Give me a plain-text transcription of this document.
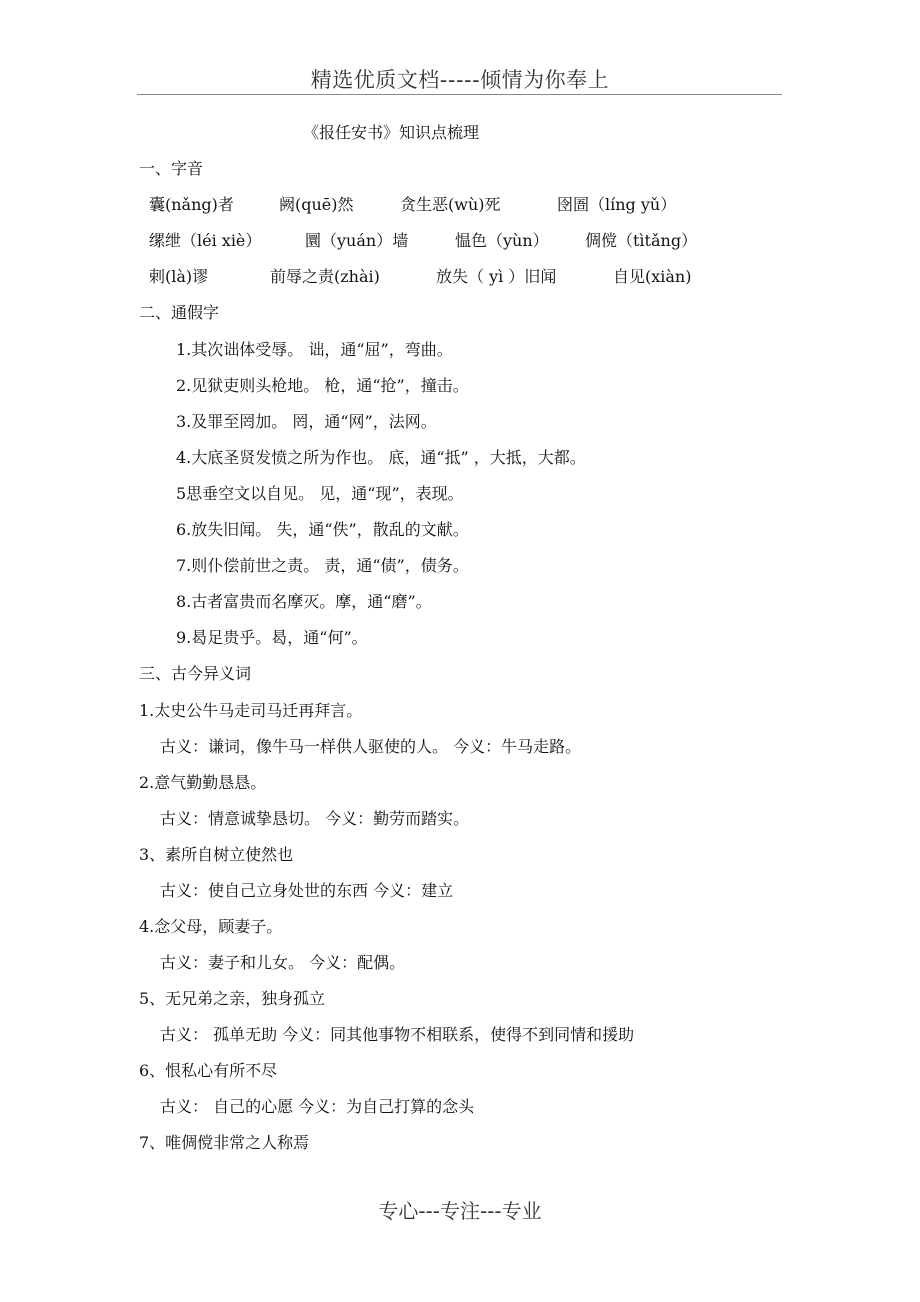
精选优质文档-----倾情为你奉上
《报任安书》知识点梳理
一、字音
囊(nǎng)者	阙(quē)然	贪生恶(wù)死	囹圄（líng yǔ）
缧绁（léi xiè）	圜（yuán）墙	愠色（yùn） 倜傥（tìtǎng）
剌(là)谬	前辱之责(zhài)	放失（ yì ）旧闻	自见(xiàn)
二、通假字
1.其次诎体受辱。 诎，通“屈”，弯曲。
2.见狱吏则头枪地。 枪，通“抢”，撞击。
3.及罪至罔加。 罔，通“网”，法网。
4.大底圣贤发愤之所为作也。 底，通“抵” ，大抵，大都。
5思垂空文以自见。 见，通“现”，表现。
6.放失旧闻。 失，通“佚”，散乱的文献。
7.则仆偿前世之责。 责，通“债”，债务。
8.古者富贵而名摩灭。摩，通“磨”。
9.曷足贵乎。曷，通“何”。
三、古今异义词
1.太史公牛马走司马迁再拜言。
古义：谦词，像牛马一样供人驱使的人。 今义：牛马走路。
2.意气勤勤恳恳。
古义：情意诚挚恳切。 今义：勤劳而踏实。
3、素所自树立使然也
古义：使自己立身处世的东西 今义：建立
4.念父母，顾妻子。
古义：妻子和儿女。 今义：配偶。
5、无兄弟之亲，独身孤立
古义： 孤单无助 今义：同其他事物不相联系，使得不到同情和援助
6、恨私心有所不尽
古义： 自己的心愿 今义：为自己打算的念头
7、唯倜傥非常之人称焉
专心---专注---专业
